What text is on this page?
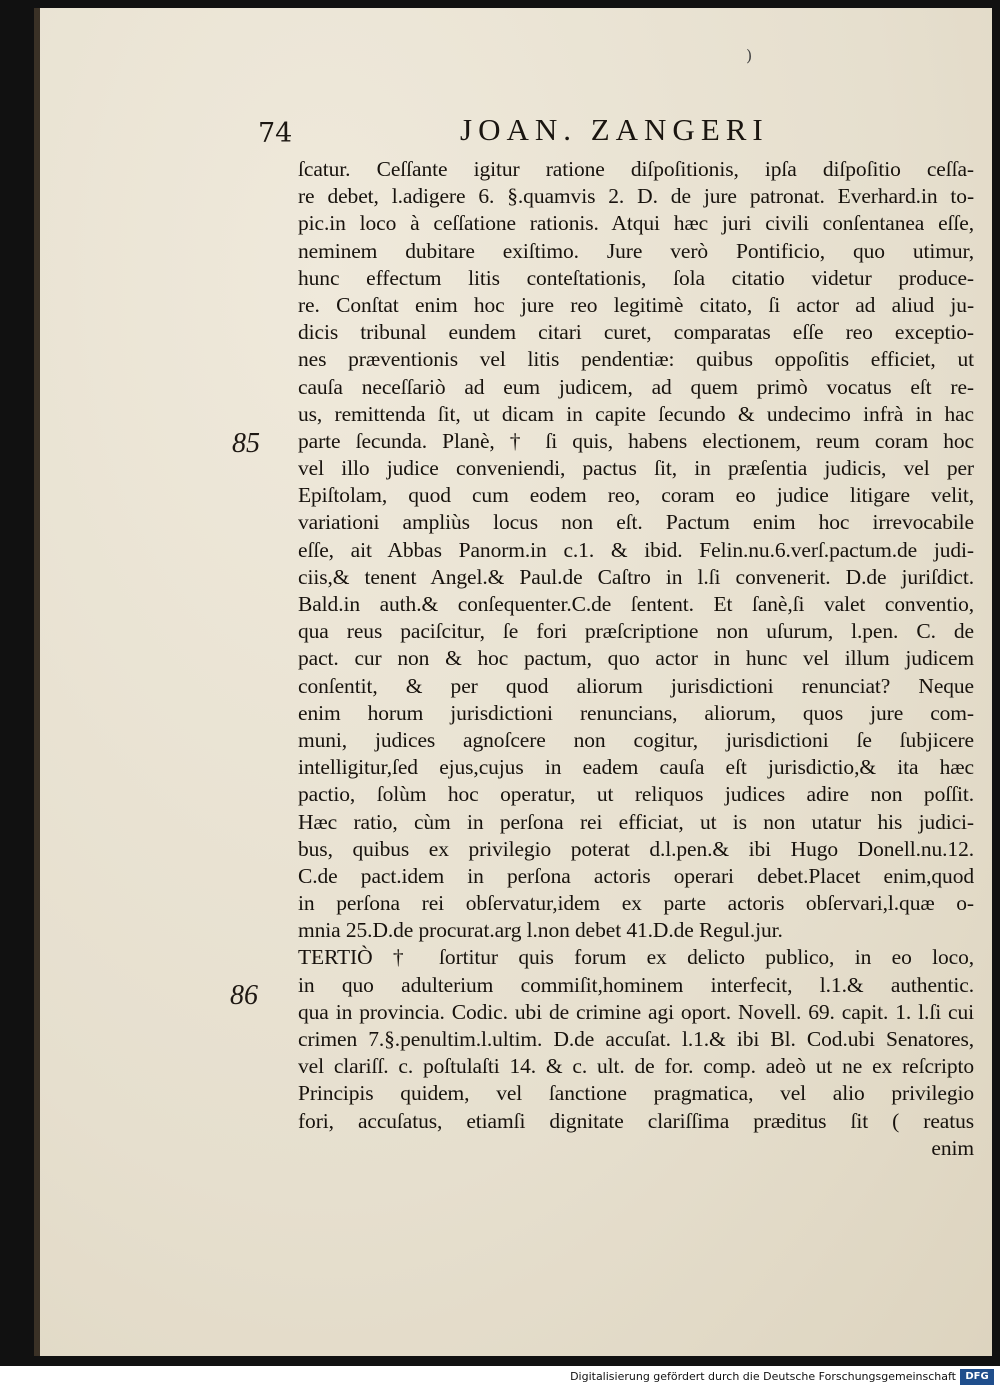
)
74	JOAN. ZANGERI
85
86
ſcatur. Ceſſante igitur ratione diſpoſitionis, ipſa diſpoſitio ceſſa-
re debet, l.adigere 6. §.quamvis 2. D. de jure patronat. Everhard.in to-
pic.in loco à ceſſatione rationis. Atqui hæc juri civili conſentanea eſſe,
neminem dubitare exiſtimo. Jure verò Pontificio, quo utimur,
hunc effectum litis conteſtationis, ſola citatio videtur produce-
re. Conſtat enim hoc jure reo legitimè citato, ſi actor ad aliud ju-
dicis tribunal eundem citari curet, comparatas eſſe reo exceptio-
nes præventionis vel litis pendentiæ: quibus oppoſitis efficiet, ut
cauſa neceſſariò ad eum judicem, ad quem primò vocatus eſt re-
us, remittenda ſit, ut dicam in capite ſecundo & undecimo infrà in hac
parte ſecunda. Planè, † ſi quis, habens electionem, reum coram hoc
vel illo judice conveniendi, pactus ſit, in præſentia judicis, vel per
Epiſtolam, quod cum eodem reo, coram eo judice litigare velit,
variationi ampliùs locus non eſt. Pactum enim hoc irrevocabile
eſſe, ait Abbas Panorm.in c.1. & ibid. Felin.nu.6.verſ.pactum.de judi-
ciis,& tenent Angel.& Paul.de Caſtro in l.ſi convenerit. D.de juriſdict.
Bald.in auth.& conſequenter.C.de ſentent. Et ſanè,ſi valet conventio,
qua reus paciſcitur, ſe fori præſcriptione non uſurum, l.pen. C. de
pact. cur non & hoc pactum, quo actor in hunc vel illum judicem
conſentit, & per quod aliorum jurisdictioni renunciat? Neque
enim horum jurisdictioni renuncians, aliorum, quos jure com-
muni, judices agnoſcere non cogitur, jurisdictioni ſe ſubjicere
intelligitur,ſed ejus,cujus in eadem cauſa eſt jurisdictio,& ita hæc
pactio, ſolùm hoc operatur, ut reliquos judices adire non poſſit.
Hæc ratio, cùm in perſona rei efficiat, ut is non utatur his judici-
bus, quibus ex privilegio poterat d.l.pen.& ibi Hugo Donell.nu.12.
C.de pact.idem in perſona actoris operari debet.Placet enim,quod
in perſona rei obſervatur,idem ex parte actoris obſervari,l.quæ o-
mnia 25.D.de procurat.arg l.non debet 41.D.de Regul.jur.
TERTIÒ † ſortitur quis forum ex delicto publico, in eo loco,
in quo adulterium commiſit,hominem interfecit, l.1.& authentic.
qua in provincia. Codic. ubi de crimine agi oport. Novell. 69. capit. 1. l.ſi cui
crimen 7.§.penultim.l.ultim. D.de accuſat. l.1.& ibi Bl. Cod.ubi Senatores,
vel clariſſ. c. poſtulaſti 14. & c. ult. de for. comp. adeò ut ne ex reſcripto
Principis quidem, vel ſanctione pragmatica, vel alio privilegio
fori, accuſatus, etiamſi dignitate clariſſima præditus ſit ( reatus
enim
Digitalisierung gefördert durch die Deutsche Forschungsgemeinschaft DFG
